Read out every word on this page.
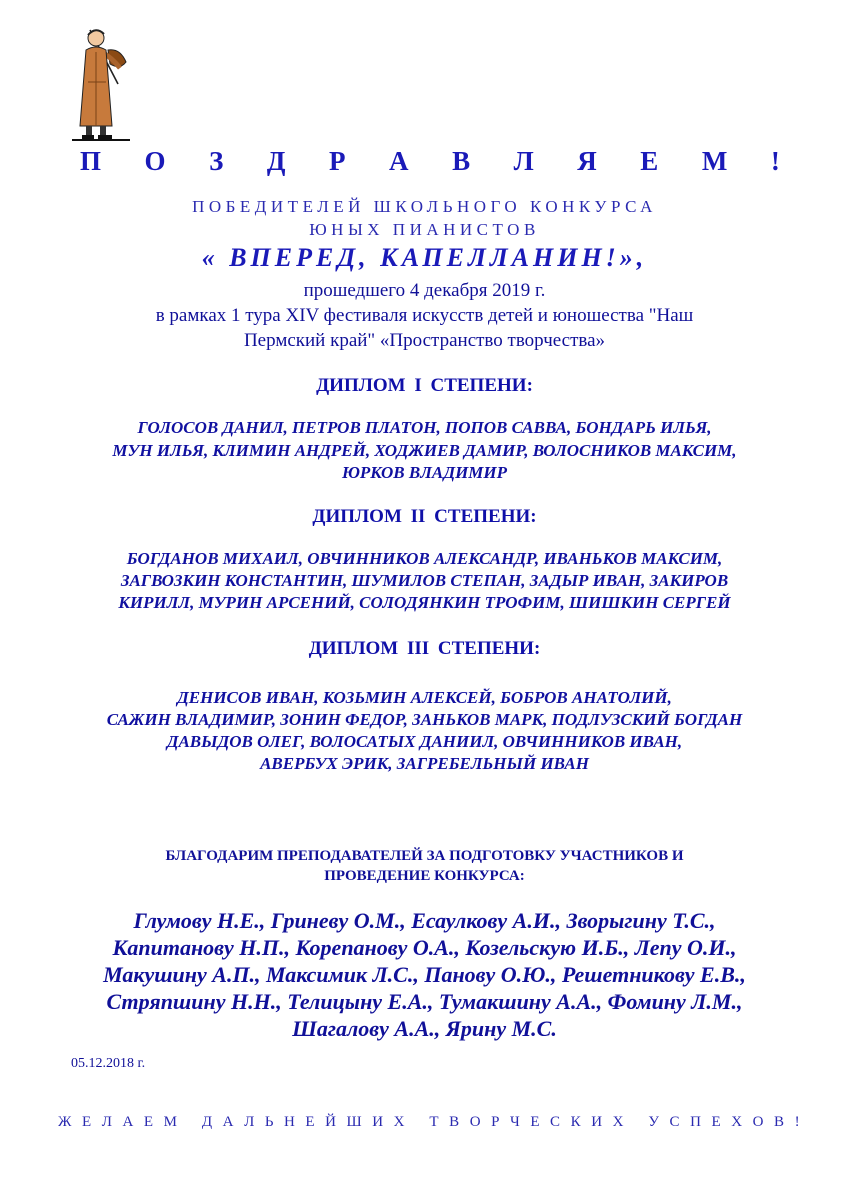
П О З Д Р А В Л Я Е М !
ПОБЕДИТЕЛЕЙ ШКОЛЬНОГО КОНКУРСА
ЮНЫХ ПИАНИСТОВ
« ВПЕРЕД, КАПЕЛЛАНИН!»,
прошедшего 4 декабря 2019 г.
в рамках 1 тура XIV фестиваля искусств детей и юношества "Наш
Пермский край" «Пространство творчества»
ДИПЛОМ I СТЕПЕНИ:
ГОЛОСОВ ДАНИЛ, ПЕТРОВ ПЛАТОН, ПОПОВ САВВА, БОНДАРЬ ИЛЬЯ,
МУН ИЛЬЯ, КЛИМИН АНДРЕЙ, ХОДЖИЕВ ДАМИР, ВОЛОСНИКОВ МАКСИМ,
ЮРКОВ ВЛАДИМИР
ДИПЛОМ II СТЕПЕНИ:
БОГДАНОВ МИХАИЛ, ОВЧИННИКОВ АЛЕКСАНДР, ИВАНЬКОВ МАКСИМ,
ЗАГВОЗКИН КОНСТАНТИН, ШУМИЛОВ СТЕПАН, ЗАДЫР ИВАН, ЗАКИРОВ
КИРИЛЛ, МУРИН АРСЕНИЙ, СОЛОДЯНКИН ТРОФИМ, ШИШКИН СЕРГЕЙ
ДИПЛОМ III СТЕПЕНИ:
ДЕНИСОВ ИВАН, КОЗЬМИН АЛЕКСЕЙ, БОБРОВ АНАТОЛИЙ,
САЖИН ВЛАДИМИР, ЗОНИН ФЕДОР, ЗАНЬКОВ МАРК, ПОДЛУЗСКИЙ БОГДАН
ДАВЫДОВ ОЛЕГ, ВОЛОСАТЫХ ДАНИИЛ, ОВЧИННИКОВ ИВАН,
АВЕРБУХ ЭРИК, ЗАГРЕБЕЛЬНЫЙ ИВАН
БЛАГОДАРИМ ПРЕПОДАВАТЕЛЕЙ ЗА ПОДГОТОВКУ УЧАСТНИКОВ И
ПРОВЕДЕНИЕ КОНКУРСА:
Глумову Н.Е., Гриневу О.М., Есаулкову А.И., Зворыгину Т.С.,
Капитанову Н.П., Корепанову О.А., Козельскую И.Б., Лепу О.И.,
Макушину А.П., Максимик Л.С., Панову О.Ю., Решетникову Е.В.,
Стряпшину Н.Н., Телицыну Е.А., Тумакшину А.А., Фомину Л.М.,
Шагалову А.А., Ярину М.С.
05.12.2018 г.
Ж Е Л А Е М
Д А Л Ь Н Е Й Ш И Х
Т В О Р Ч Е С К И Х
У С П Е Х О В !
